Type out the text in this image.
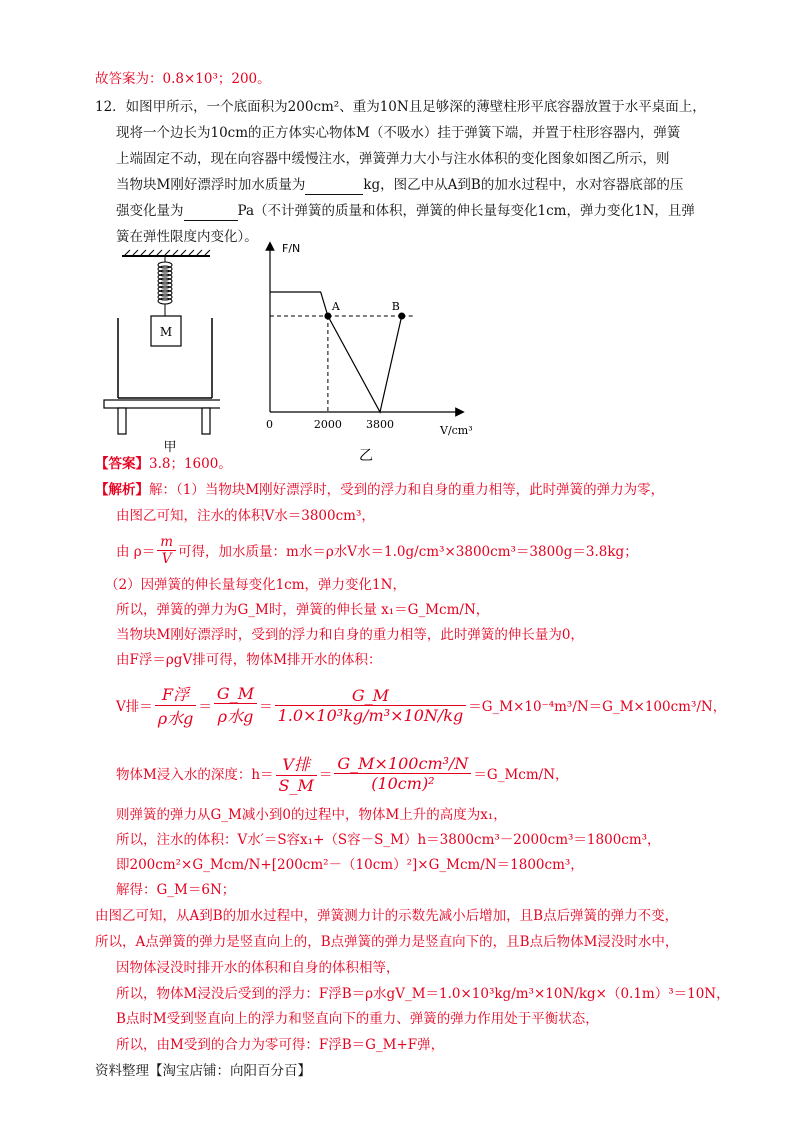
故答案为：0.8×10³；200。
12．如图甲所示，一个底面积为200cm²、重为10N且足够深的薄壁柱形平底容器放置于水平桌面上，
现将一个边长为10cm的正方体实心物体M（不吸水）挂于弹簧下端，并置于柱形容器内，弹簧
上端固定不动，现在向容器中缓慢注水，弹簧弹力大小与注水体积的变化图象如图乙所示，则
当物块M刚好漂浮时加水质量为	kg，图乙中从A到B的加水过程中，水对容器底部的压
强变化量为	Pa（不计弹簧的质量和体积，弹簧的伸长量每变化1cm，弹力变化1N，且弹
簧在弹性限度内变化）。
M
甲
F/N
V/cm³
0
A	B
2000 3800
乙
【答案】3.8；1600。
【解析】解：（1）当物块M刚好漂浮时，受到的浮力和自身的重力相等，此时弹簧的弹力为零，
由图乙可知，注水的体积V水＝3800cm³，
由 $\rho= \frac{m}{V}$ 可得，加水质量：m水＝ρ水V水＝1.0g/cm³×3800cm³＝3800g＝3.8kg；
（2）因弹簧的伸长量每变化1cm，弹力变化1N，
所以，弹簧的弹力为G_M时，弹簧的伸长量 x₁＝G_Mcm/N，
当物块M刚好漂浮时，受到的浮力和自身的重力相等，此时弹簧的伸长量为0，
由F浮＝ρgV排可得，物体M排开水的体积：
V排＝ $\frac{\text{F浮}}{\text{ρ水g}} = \frac{G\_M}{\text{ρ水g}} = \frac{G\_M}{\text{1.0×10³kg/m³×10N/kg}}$ ＝G_M×10⁻⁴m³/N＝G_M×100cm³/N，
物体M浸入水的深度：$h= \frac{\text{V排}}{S\_M} = \frac{\text{G\_M×100cm³/N}}{\text{(10cm)²}}$ ＝G_Mcm/N，
则弹簧的弹力从G_M减小到0的过程中，物体M上升的高度为x₁，
所以，注水的体积：V水′＝S容x₁+（S容－S_M）h＝3800cm³－2000cm³＝1800cm³，
即200cm²×G_Mcm/N+[200cm²－（10cm）²]×G_Mcm/N＝1800cm³，
解得：G_M＝6N；
由图乙可知，从A到B的加水过程中，弹簧测力计的示数先减小后增加，且B点后弹簧的弹力不变，
所以，A点弹簧的弹力是竖直向上的，B点弹簧的弹力是竖直向下的，且B点后物体M浸没时水中，
因物体浸没时排开水的体积和自身的体积相等，
所以，物体M浸没后受到的浮力：F浮B＝ρ水gV_M＝1.0×10³kg/m³×10N/kg×（0.1m）³＝10N，
B点时M受到竖直向上的浮力和竖直向下的重力、弹簧的弹力作用处于平衡状态，
所以，由M受到的合力为零可得：F浮B＝G_M+F弹，
资料整理【淘宝店铺：向阳百分百】
